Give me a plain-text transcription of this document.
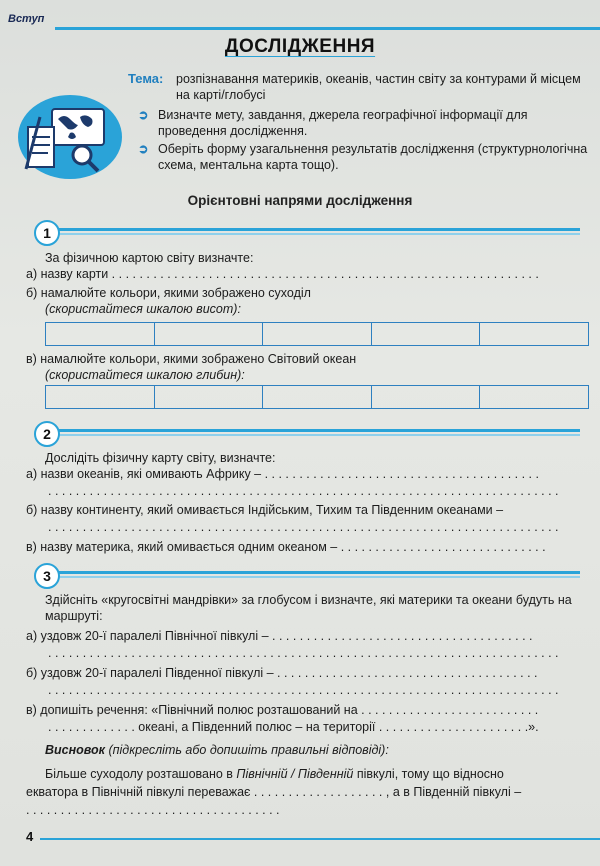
Вступ
ДОСЛІДЖЕННЯ
Тема: розпізнавання материків, океанів, частин світу за контурами й місцем на карті/глобусі
➲ Визначте мету, завдання, джерела географічної інформації для проведення дослідження.
➲ Оберіть форму узагальнення результатів дослідження (структурнологічна схема, ментальна карта тощо).
Орієнтовні напрями дослідження
1
За фізичною картою світу визначте:
а) назву карти . . . . . . . . . . . . . . . . . . . . . . . . . . . . . . . . . . . . . . . . . . . . . . . . . . . . . . . . . . . . . .
б) намалюйте кольори, якими зображено суходіл
(скористайтеся шкалою висот):
в) намалюйте кольори, якими зображено Світовий океан
(скористайтеся шкалою глибин):
2
Дослідіть фізичну карту світу, визначте:
а) назви океанів, які омивають Африку – . . . . . . . . . . . . . . . . . . . . . . . . . . . . . . . . . . . . . . . .
. . . . . . . . . . . . . . . . . . . . . . . . . . . . . . . . . . . . . . . . . . . . . . . . . . . . . . . . . . . . . . . . . . . . . . . . . .
б) назву континенту, який омивається Індійським, Тихим та Південним океанами –
. . . . . . . . . . . . . . . . . . . . . . . . . . . . . . . . . . . . . . . . . . . . . . . . . . . . . . . . . . . . . . . . . . . . . . . . . .
в) назву материка, який омивається одним океаном – . . . . . . . . . . . . . . . . . . . . . . . . . . . . . .
3
Здійсніть «кругосвітні мандрівки» за глобусом і визначте, які материки та океани будуть на маршруті:
а) уздовж 20-ї паралелі Північної півкулі – . . . . . . . . . . . . . . . . . . . . . . . . . . . . . . . . . . . . . .
. . . . . . . . . . . . . . . . . . . . . . . . . . . . . . . . . . . . . . . . . . . . . . . . . . . . . . . . . . . . . . . . . . . . . . . . . .
б) уздовж 20-ї паралелі Південної півкулі – . . . . . . . . . . . . . . . . . . . . . . . . . . . . . . . . . . . . . .
. . . . . . . . . . . . . . . . . . . . . . . . . . . . . . . . . . . . . . . . . . . . . . . . . . . . . . . . . . . . . . . . . . . . . . . . . .
в) допишіть речення: «Північний полюс розташований на . . . . . . . . . . . . . . . . . . . . . . . . . .
. . . . . . . . . . . . . океані, а Південний полюс – на території . . . . . . . . . . . . . . . . . . . . . .».
Висновок (підкресліть або допишіть правильні відповіді):
Більше суходолу розташовано в Північній / Південній півкулі, тому що відносно
екватора в Північній півкулі переважає . . . . . . . . . . . . . . . . . . . , а в Південній півкулі –
. . . . . . . . . . . . . . . . . . . . . . . . . . . . . . . . . . . . .
4
